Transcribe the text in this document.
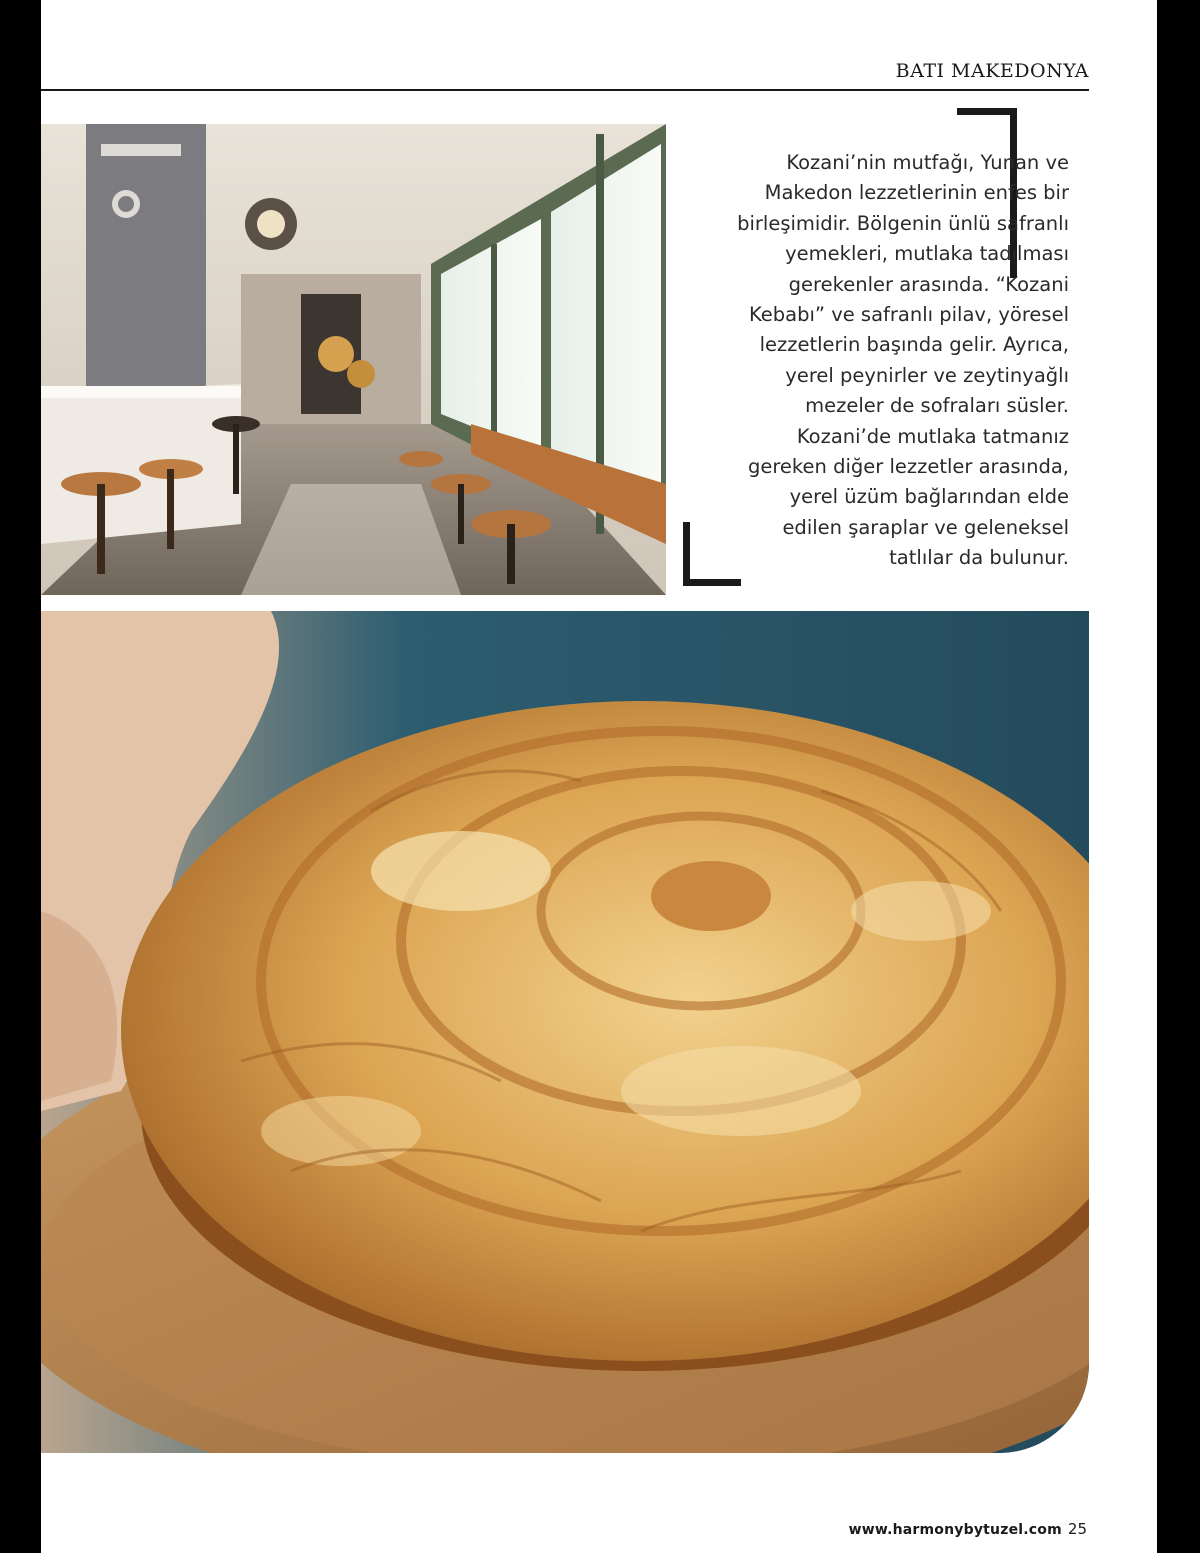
BATI MAKEDONYA
Kozani’nin mutfağı, Yunan ve
Makedon lezzetlerinin enfes bir
birleşimidir. Bölgenin ünlü safranlı
yemekleri, mutlaka tadılması
gerekenler arasında. “Kozani
Kebabı” ve safranlı pilav, yöresel
lezzetlerin başında gelir. Ayrıca,
yerel peynirler ve zeytinyağlı
mezeler de sofraları süsler.
Kozani’de mutlaka tatmanız
gereken diğer lezzetler arasında,
yerel üzüm bağlarından elde
edilen şaraplar ve geleneksel
tatlılar da bulunur.
www.harmonybytuzel.com 25
